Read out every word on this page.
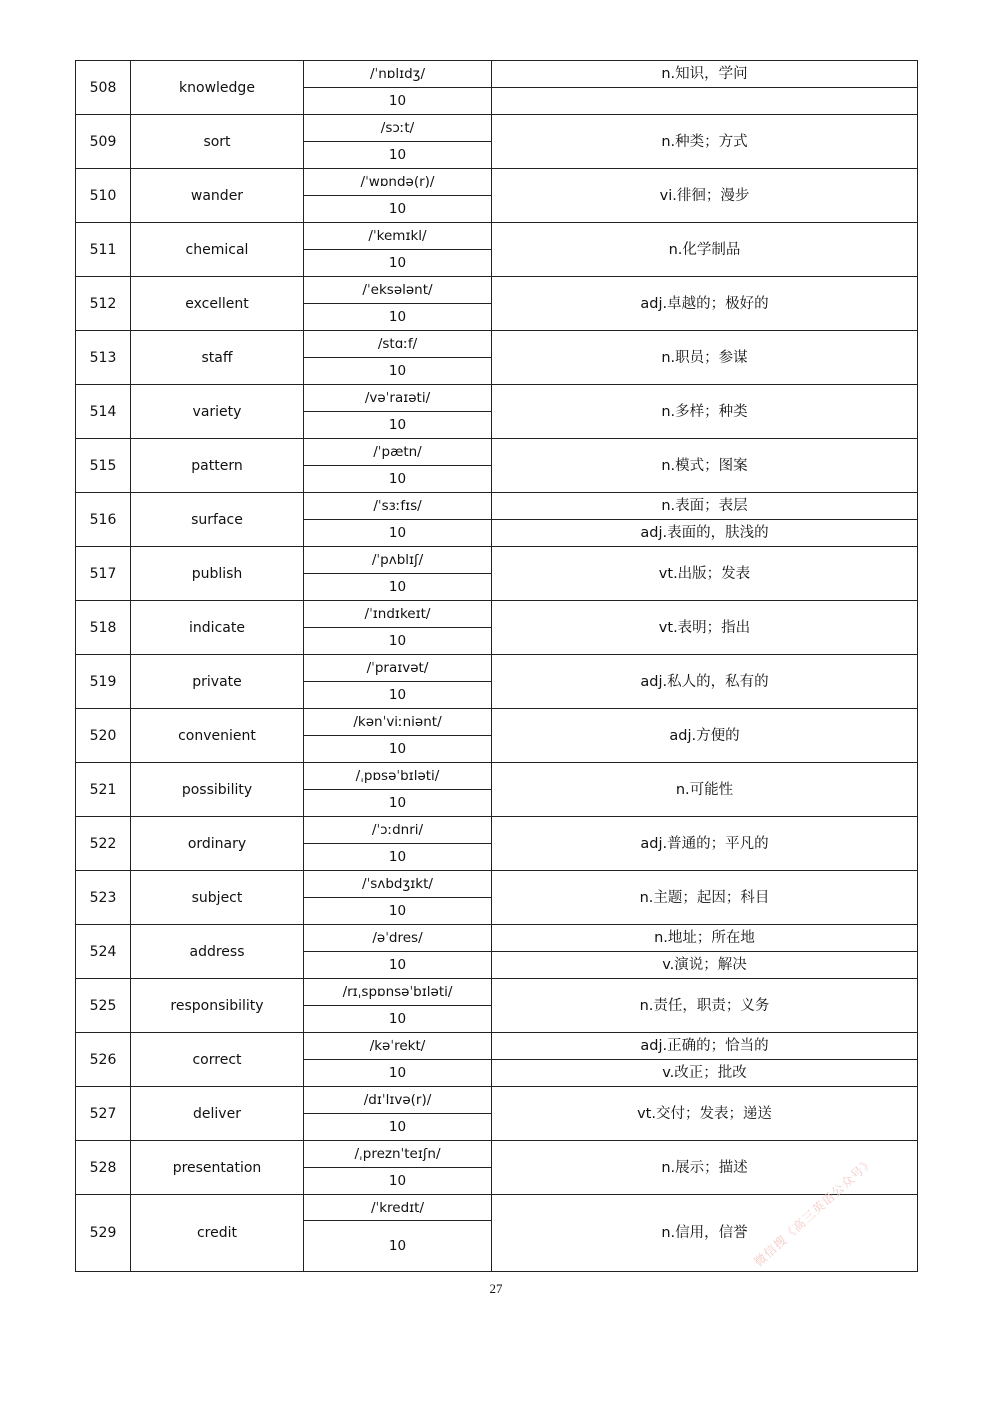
508	knowledge	/ˈnɒlɪdʒ/	n.知识，学问
		10	
509	sort	/sɔːt/	n.种类；方式
		10	
510	wander	/ˈwɒndə(r)/	vi.徘徊；漫步
		10	
511	chemical	/ˈkemɪkl/	n.化学制品
		10	
512	excellent	/ˈeksələnt/	adj.卓越的；极好的
		10	
513	staff	/stɑːf/	n.职员；参谋
		10	
514	variety	/vəˈraɪəti/	n.多样；种类
		10	
515	pattern	/ˈpætn/	n.模式；图案
		10	
516	surface	/ˈsɜːfɪs/	n.表面；表层
		10	adj.表面的，肤浅的
517	publish	/ˈpʌblɪʃ/	vt.出版；发表
		10	
518	indicate	/ˈɪndɪkeɪt/	vt.表明；指出
		10	
519	private	/ˈpraɪvət/	adj.私人的，私有的
		10	
520	convenient	/kənˈviːniənt/	adj.方便的
		10	
521	possibility	/ˌpɒsəˈbɪləti/	n.可能性
		10	
522	ordinary	/ˈɔːdnri/	adj.普通的；平凡的
		10	
523	subject	/ˈsʌbdʒɪkt/	n.主题；起因；科目
		10	
524	address	/əˈdres/	n.地址；所在地
		10	v.演说；解决
525	responsibility	/rɪˌspɒnsəˈbɪləti/	n.责任，职责；义务
		10	
526	correct	/kəˈrekt/	adj.正确的；恰当的
		10	v.改正；批改
527	deliver	/dɪˈlɪvə(r)/	vt.交付；发表；递送
		10	
528	presentation	/ˌpreznˈteɪʃn/	n.展示；描述
		10	
529	credit	/ˈkredɪt/	n.信用，信誉
		10	
27
微信搜《高三英语公众号》
